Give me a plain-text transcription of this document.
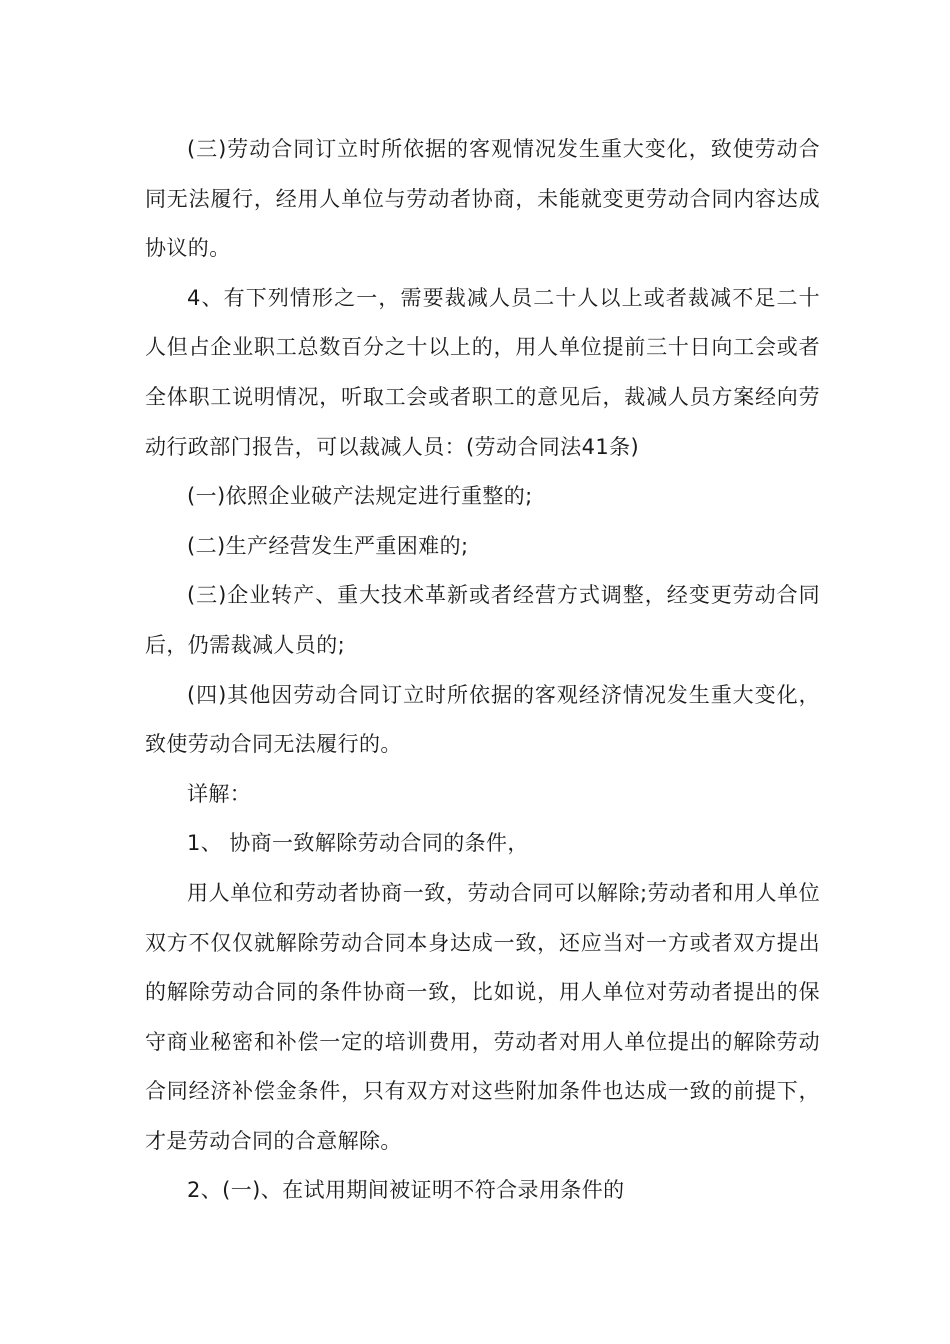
(三)劳动合同订立时所依据的客观情况发生重大变化，致使劳动合同无法履行，经用人单位与劳动者协商，未能就变更劳动合同内容达成协议的。

4、有下列情形之一，需要裁减人员二十人以上或者裁减不足二十人但占企业职工总数百分之十以上的，用人单位提前三十日向工会或者全体职工说明情况，听取工会或者职工的意见后，裁减人员方案经向劳动行政部门报告，可以裁减人员：(劳动合同法41条)

(一)依照企业破产法规定进行重整的;

(二)生产经营发生严重困难的;

(三)企业转产、重大技术革新或者经营方式调整，经变更劳动合同后，仍需裁减人员的;

(四)其他因劳动合同订立时所依据的客观经济情况发生重大变化，致使劳动合同无法履行的。

详解：

1、 协商一致解除劳动合同的条件，

用人单位和劳动者协商一致，劳动合同可以解除;劳动者和用人单位双方不仅仅就解除劳动合同本身达成一致，还应当对一方或者双方提出的解除劳动合同的条件协商一致，比如说，用人单位对劳动者提出的保守商业秘密和补偿一定的培训费用，劳动者对用人单位提出的解除劳动合同经济补偿金条件，只有双方对这些附加条件也达成一致的前提下，才是劳动合同的合意解除。

2、(一)、在试用期间被证明不符合录用条件的
